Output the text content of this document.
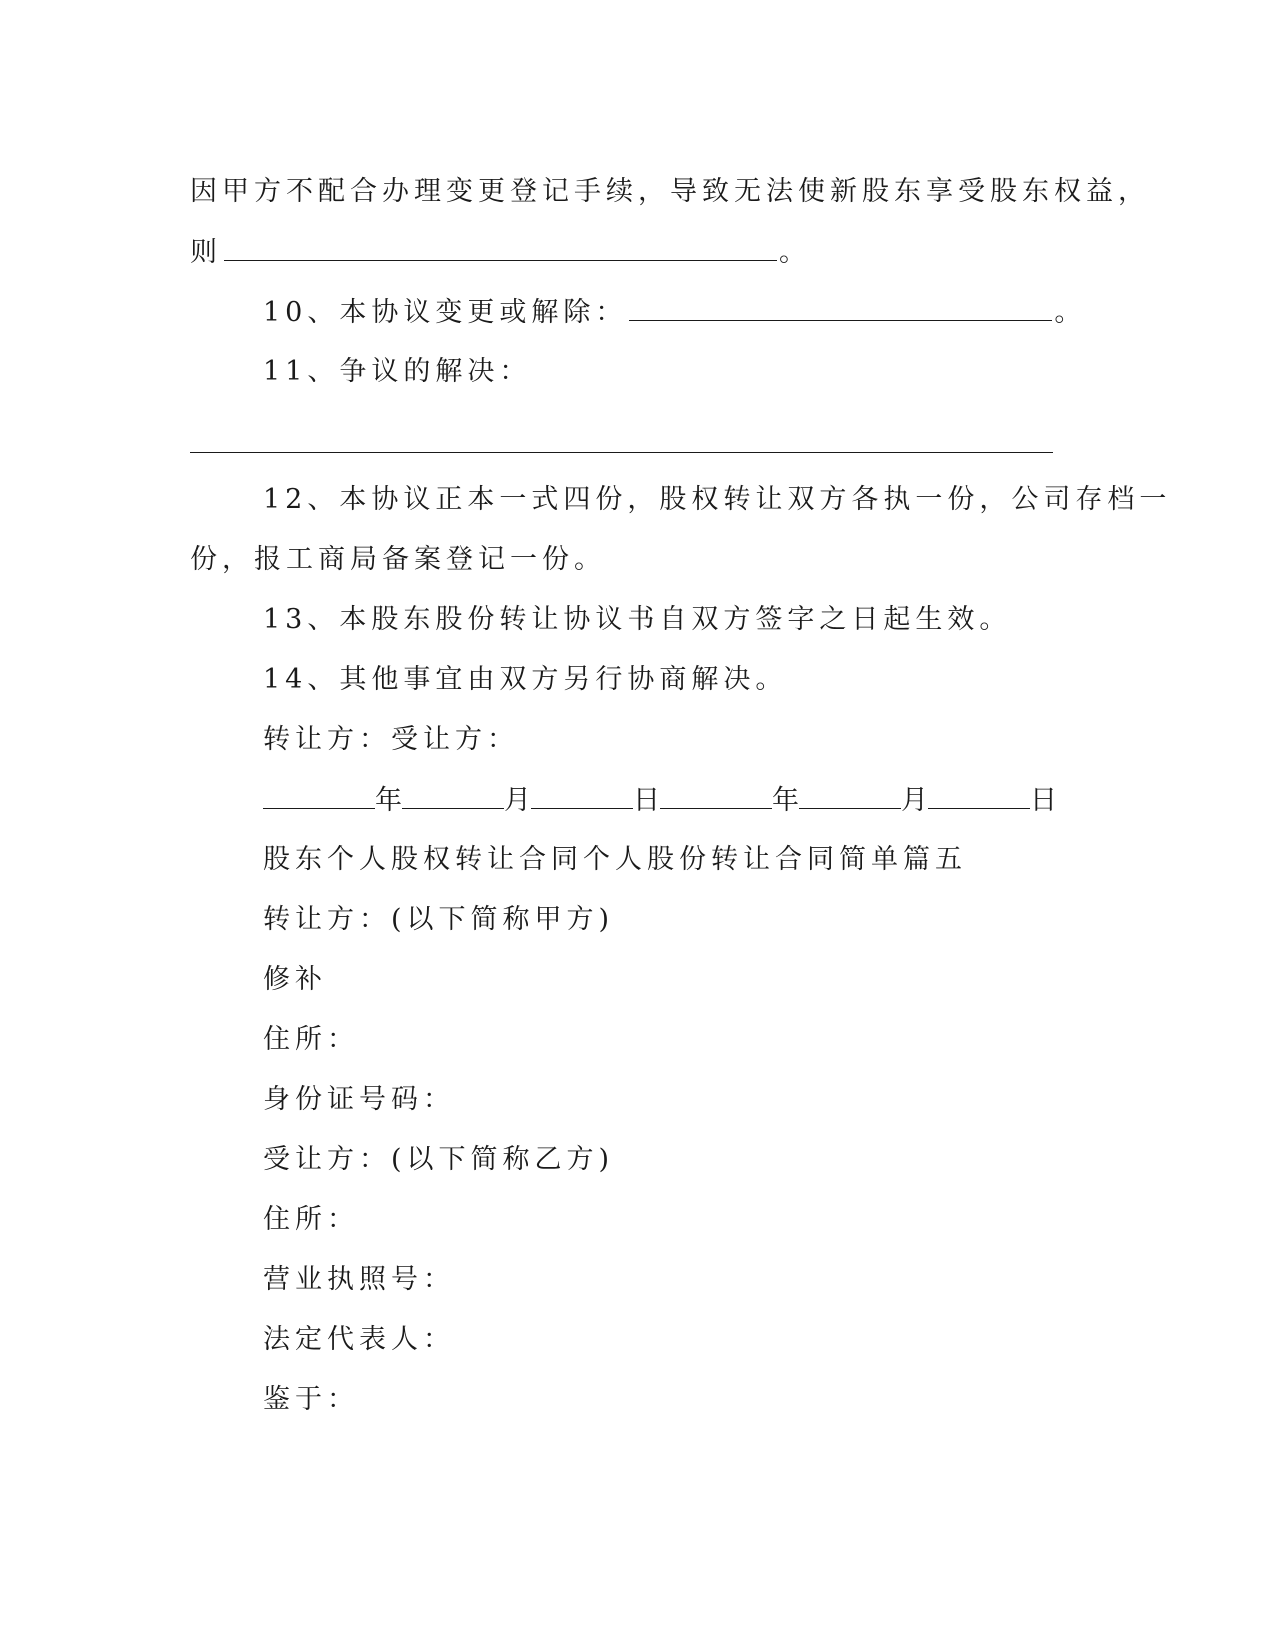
因甲方不配合办理变更登记手续，导致无法使新股东享受股东权益，
则	。
10、本协议变更或解除：	。
11、争议的解决：
12、本协议正本一式四份，股权转让双方各执一份，公司存档一
份，报工商局备案登记一份。
13、本股东股份转让协议书自双方签字之日起生效。
14、其他事宜由双方另行协商解决。
转让方：受让方：
年	月	日	年	月	日
股东个人股权转让合同个人股份转让合同简单篇五
转让方：(以下简称甲方)
修补
住所：
身份证号码：
受让方：(以下简称乙方)
住所：
营业执照号：
法定代表人：
鉴于：
